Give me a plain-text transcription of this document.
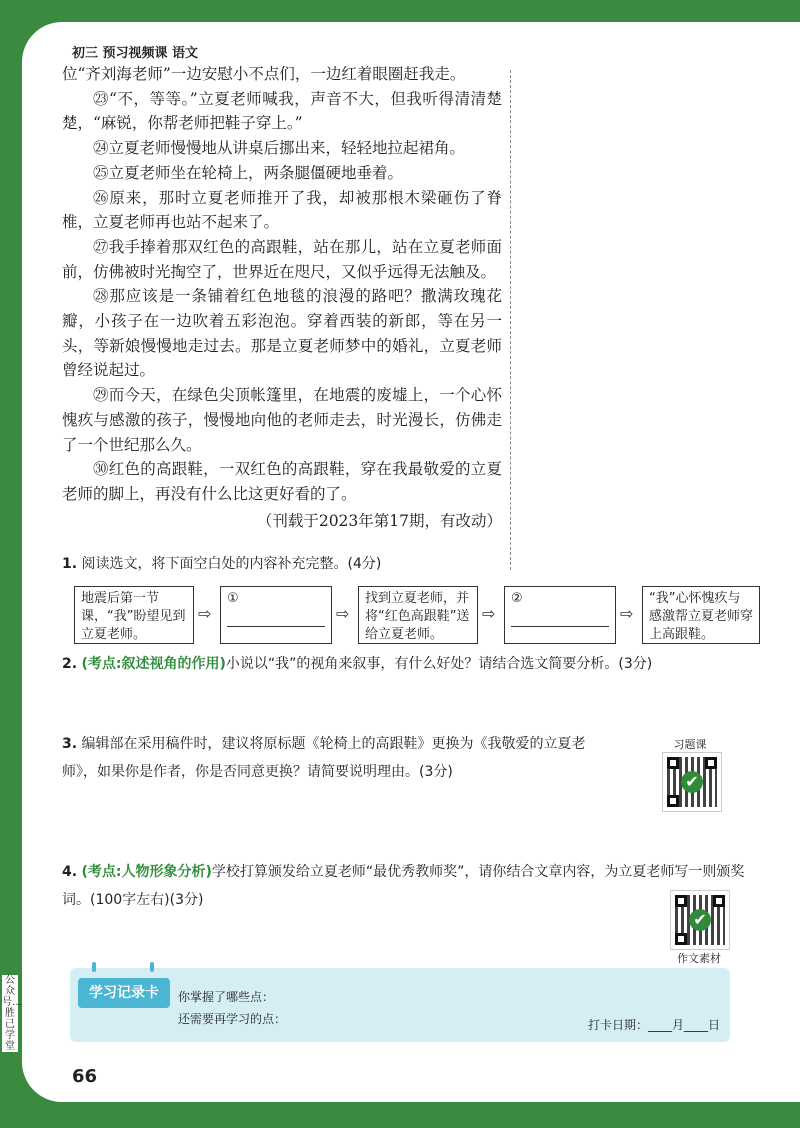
初三 预习视频课 语文

位“齐刘海老师”一边安慰小不点们，一边红着眼圈赶我走。

㉓“不，等等。”立夏老师喊我，声音不大，但我听得清清楚楚，“麻锐，你帮老师把鞋子穿上。”

㉔立夏老师慢慢地从讲桌后挪出来，轻轻地拉起裙角。

㉕立夏老师坐在轮椅上，两条腿僵硬地垂着。

㉖原来，那时立夏老师推开了我，却被那根木梁砸伤了脊椎，立夏老师再也站不起来了。

㉗我手捧着那双红色的高跟鞋，站在那儿，站在立夏老师面前，仿佛被时光掏空了，世界近在咫尺，又似乎远得无法触及。

㉘那应该是一条铺着红色地毯的浪漫的路吧？撒满玫瑰花瓣，小孩子在一边吹着五彩泡泡。穿着西装的新郎，等在另一头，等新娘慢慢地走过去。那是立夏老师梦中的婚礼，立夏老师曾经说起过。

㉙而今天，在绿色尖顶帐篷里，在地震的废墟上，一个心怀愧疚与感激的孩子，慢慢地向他的老师走去，时光漫长，仿佛走了一个世纪那么久。

㉚红色的高跟鞋，一双红色的高跟鞋，穿在我最敬爱的立夏老师的脚上，再没有什么比这更好看的了。

（刊载于2023年第17期，有改动）

1. 阅读选文，将下面空白处的内容补充完整。(4分)
地震后第一节课，“我”盼望见到立夏老师。
⇨
①
⇨
找到立夏老师，并将“红色高跟鞋”送给立夏老师。
⇨
②
⇨
“我”心怀愧疚与感激帮立夏老师穿上高跟鞋。
2. (考点:叙述视角的作用)小说以“我”的视角来叙事，有什么好处？请结合选文简要分析。(3分)
3. 编辑部在采用稿件时，建议将原标题《轮椅上的高跟鞋》更换为《我敬爱的立夏老师》，如果你是作者，你是否同意更换？请简要说明理由。(3分)
习题课
✔
4. (考点:人物形象分析)学校打算颁发给立夏老师“最优秀教师奖”，请你结合文章内容，为立夏老师写一则颁奖词。(100字左右)(3分)
✔
作文素材
学习记录卡	你掌握了哪些点：
还需要再学习的点：	打卡日期：____月____日
66
公众号…胜己学堂
